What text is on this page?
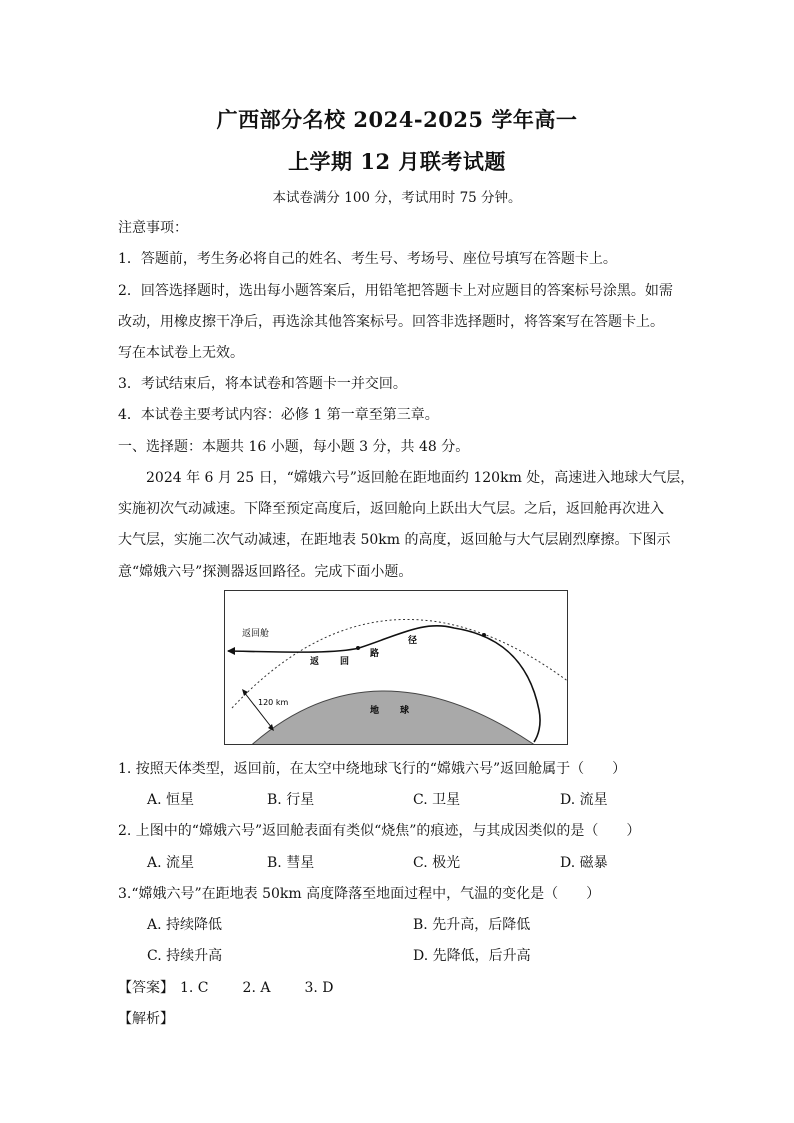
广西部分名校 2024-2025 学年高一
上学期 12 月联考试题
本试卷满分 100 分，考试用时 75 分钟。
注意事项：
1．答题前，考生务必将自己的姓名、考生号、考场号、座位号填写在答题卡上。
2．回答选择题时，选出每小题答案后，用铅笔把答题卡上对应题目的答案标号涂黑。如需
改动，用橡皮擦干净后，再选涂其他答案标号。回答非选择题时，将答案写在答题卡上。
写在本试卷上无效。
3．考试结束后，将本试卷和答题卡一并交回。
4．本试卷主要考试内容：必修 1 第一章至第三章。
一、选择题：本题共 16 小题，每小题 3 分，共 48 分。
2024 年 6 月 25 日，“嫦娥六号”返回舱在距地面约 120km 处，高速进入地球大气层，
实施初次气动减速。下降至预定高度后，返回舱向上跃出大气层。之后，返回舱再次进入
大气层，实施二次气动减速，在距地表 50km 的高度，返回舱与大气层剧烈摩擦。下图示
意“嫦娥六号”探测器返回路径。完成下面小题。
返回舱
返 回
路
径
120 km
地 球
1. 按照天体类型，返回前，在太空中绕地球飞行的“嫦娥六号”返回舱属于（　　）
A. 恒星	B. 行星	C. 卫星	D. 流星
2. 上图中的“嫦娥六号”返回舱表面有类似“烧焦”的痕迹，与其成因类似的是（　　）
A. 流星	B. 彗星	C. 极光	D. 磁暴
3.“嫦娥六号”在距地表 50km 高度降落至地面过程中，气温的变化是（　　）
A. 持续降低	B. 先升高，后降低
C. 持续升高	D. 先降低，后升高
【答案】 1. C 2. A 3. D
【解析】
